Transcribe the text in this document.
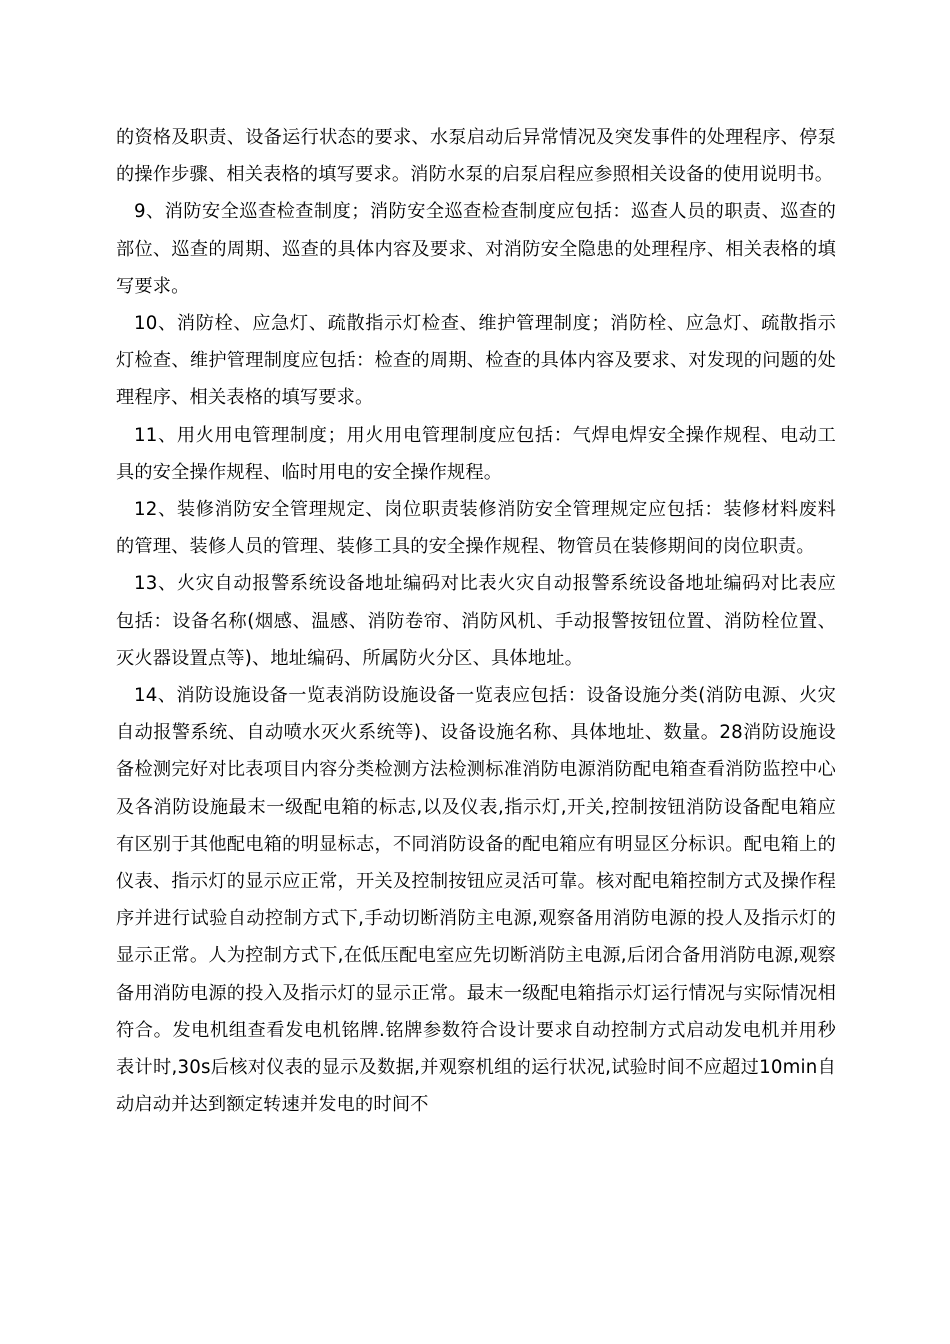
的资格及职责、设备运行状态的要求、水泵启动后异常情况及突发事件的处理程序、停泵的操作步骤、相关表格的填写要求。消防水泵的启泵启程应参照相关设备的使用说明书。

9、消防安全巡查检查制度；消防安全巡查检查制度应包括：巡查人员的职责、巡查的部位、巡查的周期、巡查的具体内容及要求、对消防安全隐患的处理程序、相关表格的填写要求。

10、消防栓、应急灯、疏散指示灯检查、维护管理制度；消防栓、应急灯、疏散指示灯检查、维护管理制度应包括：检查的周期、检查的具体内容及要求、对发现的问题的处理程序、相关表格的填写要求。

11、用火用电管理制度；用火用电管理制度应包括：气焊电焊安全操作规程、电动工具的安全操作规程、临时用电的安全操作规程。

12、装修消防安全管理规定、岗位职责装修消防安全管理规定应包括：装修材料废料的管理、装修人员的管理、装修工具的安全操作规程、物管员在装修期间的岗位职责。

13、火灾自动报警系统设备地址编码对比表火灾自动报警系统设备地址编码对比表应包括：设备名称(烟感、温感、消防卷帘、消防风机、手动报警按钮位置、消防栓位置、灭火器设置点等)、地址编码、所属防火分区、具体地址。

14、消防设施设备一览表消防设施设备一览表应包括：设备设施分类(消防电源、火灾自动报警系统、自动喷水灭火系统等)、设备设施名称、具体地址、数量。28消防设施设备检测完好对比表项目内容分类检测方法检测标准消防电源消防配电箱查看消防监控中心及各消防设施最末一级配电箱的标志,以及仪表,指示灯,开关,控制按钮消防设备配电箱应有区别于其他配电箱的明显标志，不同消防设备的配电箱应有明显区分标识。配电箱上的仪表、指示灯的显示应正常，开关及控制按钮应灵活可靠。核对配电箱控制方式及操作程序并进行试验自动控制方式下,手动切断消防主电源,观察备用消防电源的投人及指示灯的显示正常。人为控制方式下,在低压配电室应先切断消防主电源,后闭合备用消防电源,观察备用消防电源的投入及指示灯的显示正常。最末一级配电箱指示灯运行情况与实际情况相符合。发电机组查看发电机铭牌.铭牌参数符合设计要求自动控制方式启动发电机并用秒表计时,30s后核对仪表的显示及数据,并观察机组的运行状况,试验时间不应超过10min自动启动并达到额定转速并发电的时间不
